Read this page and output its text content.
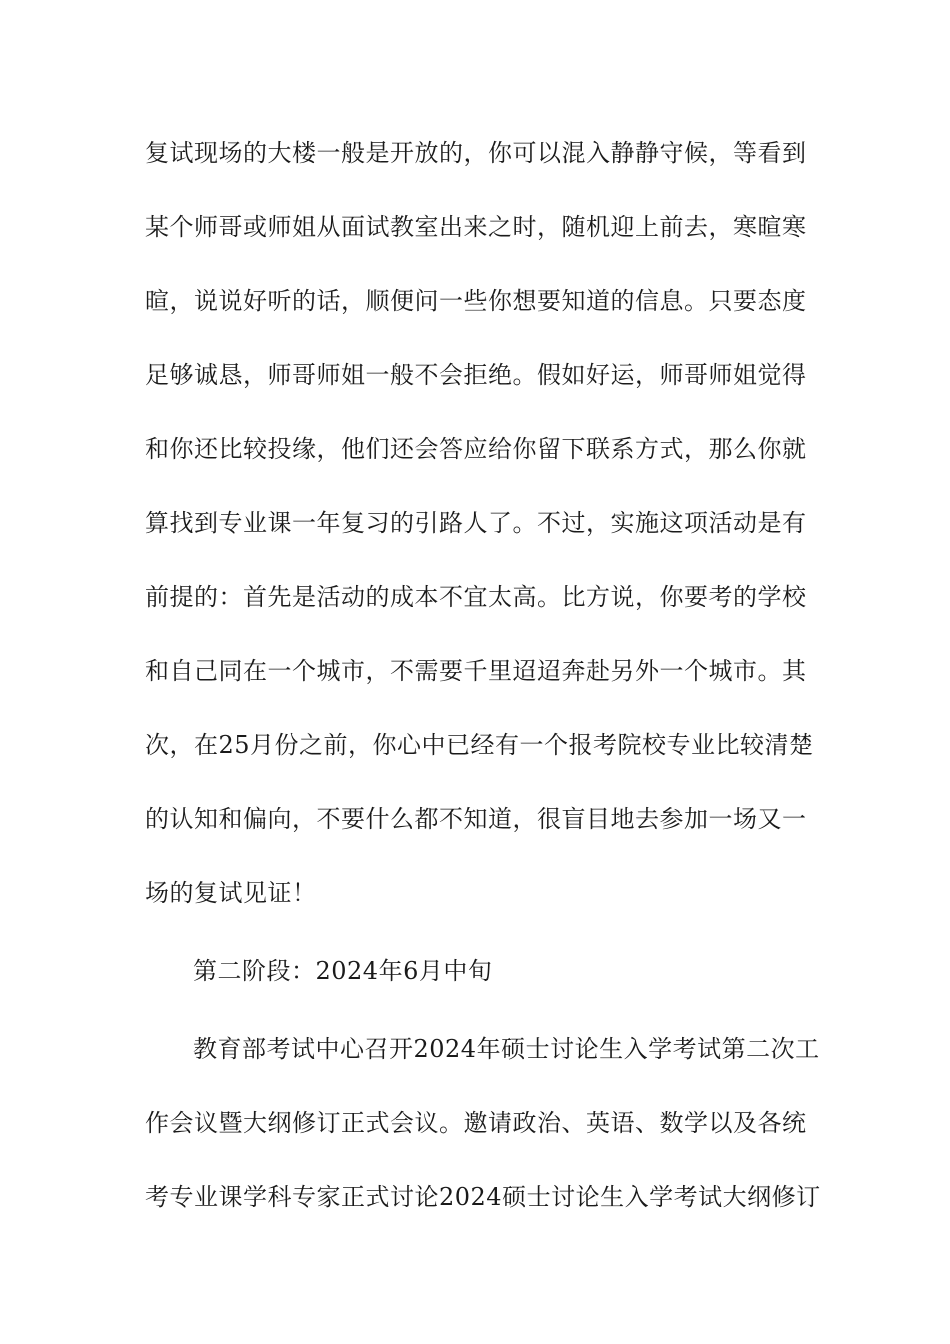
复试现场的大楼一般是开放的，你可以混入静静守候，等看到
某个师哥或师姐从面试教室出来之时，随机迎上前去，寒暄寒
暄，说说好听的话，顺便问一些你想要知道的信息。只要态度
足够诚恳，师哥师姐一般不会拒绝。假如好运，师哥师姐觉得
和你还比较投缘，他们还会答应给你留下联系方式，那么你就
算找到专业课一年复习的引路人了。不过，实施这项活动是有
前提的：首先是活动的成本不宜太高。比方说，你要考的学校
和自己同在一个城市，不需要千里迢迢奔赴另外一个城市。其
次，在25月份之前，你心中已经有一个报考院校专业比较清楚
的认知和偏向，不要什么都不知道，很盲目地去参加一场又一
场的复试见证！
第二阶段：2024年6月中旬
教育部考试中心召开2024年硕士讨论生入学考试第二次工
作会议暨大纲修订正式会议。邀请政治、英语、数学以及各统
考专业课学科专家正式讨论2024硕士讨论生入学考试大纲修订
